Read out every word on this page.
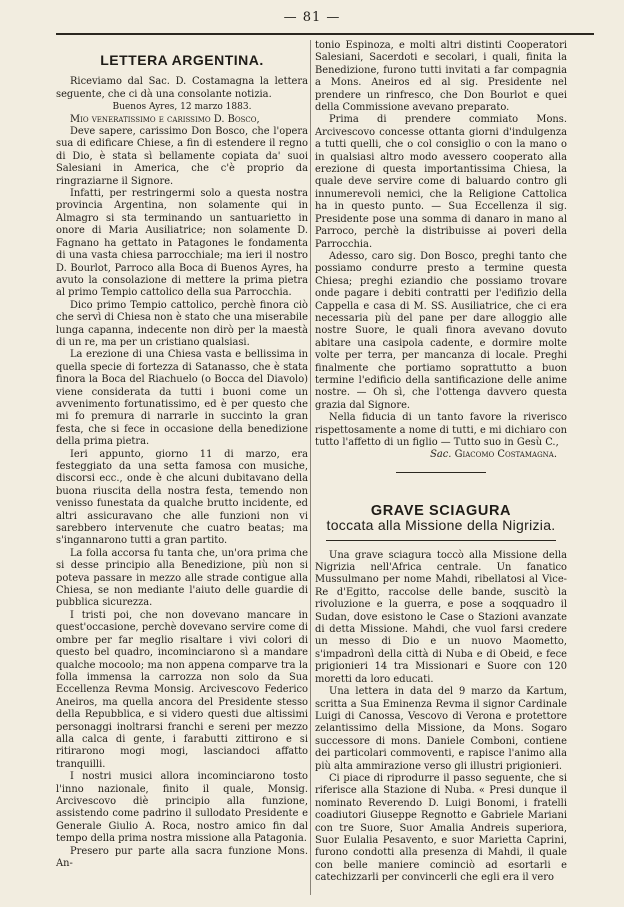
— 81 —
LETTERA ARGENTINA.

Riceviamo dal Sac. D. Costamagna la lettera seguente, che ci dà una consolante notizia.

Buenos Ayres, 12 marzo 1883.

Mio veneratissimo e carissimo D. Bosco,

Deve sapere, carissimo Don Bosco, che l'opera sua di edificare Chiese, a fin di estendere il regno di Dio, è stata sì bellamente copiata da' suoi Salesiani in America, che c'è proprio da ringraziarne il Signore.

Infatti, per restringermi solo a questa nostra provincia Argentina, non solamente qui in Almagro si sta terminando un santuarietto in onore di Maria Ausiliatrice; non solamente D. Fagnano ha gettato in Patagones le fondamenta di una vasta chiesa parrocchiale; ma ieri il nostro D. Bourlot, Parroco alla Boca di Buenos Ayres, ha avuto la consolazione di mettere la prima pietra al primo Tempio cattolico della sua Parrocchia.

Dico primo Tempio cattolico, perchè finora ciò che servì di Chiesa non è stato che una miserabile lunga capanna, indecente non dirò per la maestà di un re, ma per un cristiano qualsiasi.

La erezione di una Chiesa vasta e bellissima in quella specie di fortezza di Satanasso, che è stata finora la Boca del Riachuelo (o Bocca del Diavolo) viene considerata da tutti i buoni come un avvenimento fortunatissimo, ed è per questo che mi fo premura di narrarle in succinto la gran festa, che si fece in occasione della benedizione della prima pietra.

Ieri appunto, giorno 11 di marzo, era festeggiato da una setta famosa con musiche, discorsi ecc., onde è che alcuni dubitavano della buona riuscita della nostra festa, temendo non venisso funestata da qualche brutto incidente, ed altri assicuravano che alle funzioni non vi sarebbero intervenute che cuatro beatas; ma s'ingannarono tutti a gran partito.

La folla accorsa fu tanta che, un'ora prima che si desse principio alla Benedizione, più non si poteva passare in mezzo alle strade contigue alla Chiesa, se non mediante l'aiuto delle guardie di pubblica sicurezza.

I tristi poi, che non dovevano mancare in quest'occasione, perchè dovevano servire come di ombre per far meglio risaltare i vivi colori di questo bel quadro, incominciarono sì a mandare qualche mocoolo; ma non appena comparve tra la folla immensa la carrozza non solo da Sua Eccellenza Revma Monsig. Arcivescovo Federico Aneiros, ma quella ancora del Presidente stesso della Repubblica, e si videro questi due altissimi personaggi inoltrarsi franchi e sereni per mezzo alla calca di gente, i farabutti zittirono e si ritirarono mogi mogi, lasciandoci affatto tranquilli.

I nostri musici allora incominciarono tosto l'inno nazionale, finito il quale, Monsig. Arcivescovo diè principio alla funzione, assistendo come padrino il sullodato Presidente e Generale Giulio A. Roca, nostro amico fin dal tempo della prima nostra missione alla Patagonia.

Presero pur parte alla sacra funzione Mons. An-

tonio Espinoza, e molti altri distinti Cooperatori Salesiani, Sacerdoti e secolari, i quali, finita la Benedizione, furono tutti invitati a far compagnia a Mons. Aneiros ed al sig. Presidente nel prendere un rinfresco, che Don Bourlot e quei della Commissione avevano preparato.

Prima di prendere commiato Mons. Arcivescovo concesse ottanta giorni d'indulgenza a tutti quelli, che o col consiglio o con la mano o in qualsiasi altro modo avessero cooperato alla erezione di questa importantissima Chiesa, la quale deve servire come di baluardo contro gli innumerevoli nemici, che la Religione Cattolica ha in questo punto. — Sua Eccellenza il sig. Presidente pose una somma di danaro in mano al Parroco, perchè la distribuisse ai poveri della Parrocchia.

Adesso, caro sig. Don Bosco, preghi tanto che possiamo condurre presto a termine questa Chiesa; preghi eziandio che possiamo trovare onde pagare i debiti contratti per l'edifizio della Cappella e casa di M. SS. Ausiliatrice, che ci era necessaria più del pane per dare alloggio alle nostre Suore, le quali finora avevano dovuto abitare una casipola cadente, e dormire molte volte per terra, per mancanza di locale. Preghi finalmente che portiamo soprattutto a buon termine l'edificio della santificazione delle anime nostre. — Oh sì, che l'ottenga davvero questa grazia dal Signore.

Nella fiducia di un tanto favore la riverisco rispettosamente a nome di tutti, e mi dichiaro con tutto l'affetto di un figlio — Tutto suo in Gesù C.,

Sac. Giacomo Costamagna.

GRAVE SCIAGURA
toccata alla Missione della Nigrizia.

Una grave sciagura toccò alla Missione della Nigrizia nell'Africa centrale. Un fanatico Mussulmano per nome Mahdi, ribellatosi al Vice-Re d'Egitto, raccolse delle bande, suscitò la rivoluzione e la guerra, e pose a soqquadro il Sudan, dove esistono le Case o Stazioni avanzate di detta Missione. Mahdi, che vuol farsi credere un messo di Dio e un nuovo Maometto, s'impadronì della città di Nuba e di Obeid, e fece prigionieri 14 tra Missionari e Suore con 120 moretti da loro educati.

Una lettera in data del 9 marzo da Kartum, scritta a Sua Eminenza Revma il signor Cardinale Luigi di Canossa, Vescovo di Verona e protettore zelantissimo della Missione, da Mons. Sogaro successore di mons. Daniele Comboni, contiene dei particolari commoventi, e rapisce l'animo alla più alta ammirazione verso gli illustri prigionieri.

Ci piace di riprodurre il passo seguente, che si riferisce alla Stazione di Nuba. « Presi dunque il nominato Reverendo D. Luigi Bonomi, i fratelli coadiutori Giuseppe Regnotto e Gabriele Mariani con tre Suore, Suor Amalia Andreis superiora, Suor Eulalia Pesavento, e suor Marietta Caprini, furono condotti alla presenza di Mahdi, il quale con belle maniere cominciò ad esortarli e catechizzarli per convincerli che egli era il vero
